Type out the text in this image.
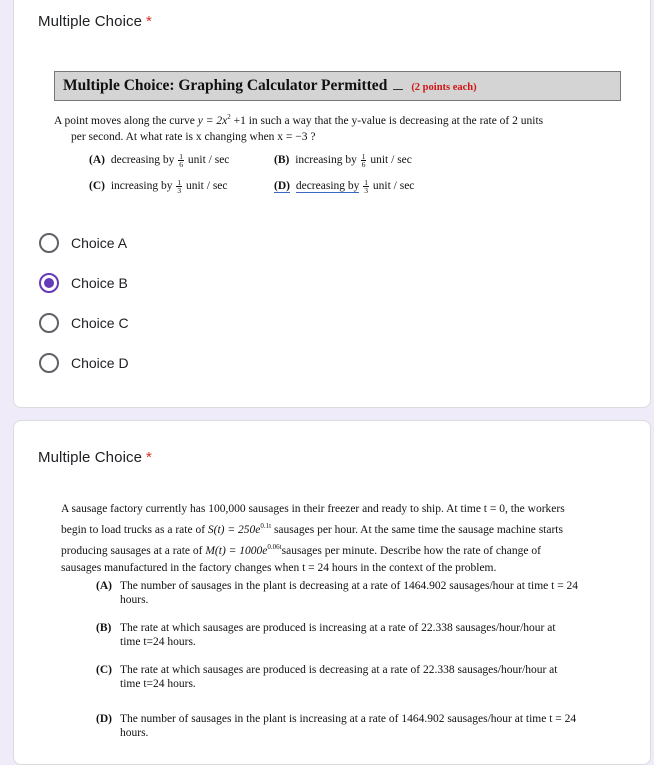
Multiple Choice *
Multiple Choice: Graphing Calculator Permitted (2 points each)
A point moves along the curve $y = 2x^2 +1$ in such a way that the y-value is decreasing at the rate of 2 units
per second. At what rate is x changing when x = −3 ?
(A) decreasing by $\frac{1}{6}$ unit / sec	(B) increasing by $\frac{1}{6}$ unit / sec
(C) increasing by $\frac{1}{3}$ unit / sec	(D) decreasing by $\frac{1}{3}$ unit / sec
Choice A
Choice B
Choice C
Choice D
Multiple Choice *
A sausage factory currently has 100,000 sausages in their freezer and ready to ship. At time t = 0, the workers
begin to load trucks as a rate of $S(t) = 250e^{0.1t}$ sausages per hour. At the same time the sausage machine starts
producing sausages at a rate of $M(t) = 1000e^{0.06t}sausages$ per minute. Describe how the rate of change of
sausages manufactured in the factory changes when t = 24 hours in the context of the problem.
(A) The number of sausages in the plant is decreasing at a rate of 1464.902 sausages/hour at time t = 24
hours.
(B) The rate at which sausages are produced is increasing at a rate of 22.338 sausages/hour/hour at
time t=24 hours.
(C) The rate at which sausages are produced is decreasing at a rate of 22.338 sausages/hour/hour at
time t=24 hours.
(D) The number of sausages in the plant is increasing at a rate of 1464.902 sausages/hour at time t = 24
hours.
